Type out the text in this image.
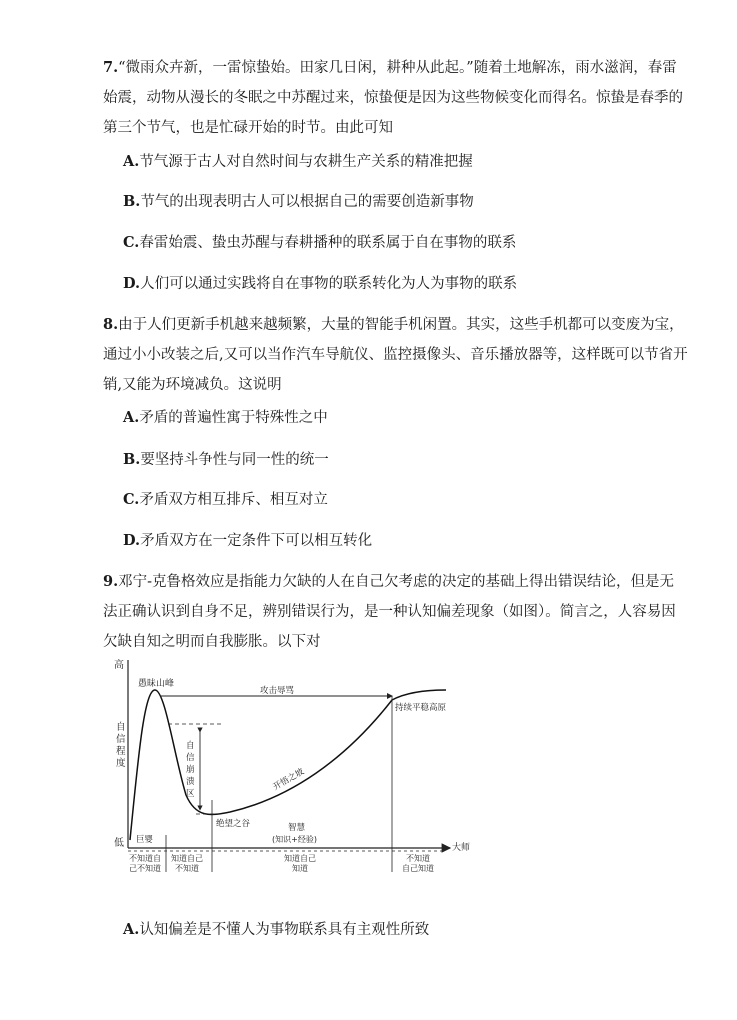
7.“微雨众卉新，一雷惊蛰始。田家几日闲，耕种从此起。”随着土地解冻，雨水滋润，春雷始震，动物从漫长的冬眠之中苏醒过来，惊蛰便是因为这些物候变化而得名。惊蛰是春季的第三个节气，也是忙碌开始的时节。由此可知
A.节气源于古人对自然时间与农耕生产关系的精准把握
B.节气的出现表明古人可以根据自己的需要创造新事物
C.春雷始震、蛰虫苏醒与春耕播种的联系属于自在事物的联系
D.人们可以通过实践将自在事物的联系转化为人为事物的联系
8.由于人们更新手机越来越频繁，大量的智能手机闲置。其实，这些手机都可以变废为宝，通过小小改装之后,又可以当作汽车导航仪、监控摄像头、音乐播放器等，这样既可以节省开销,又能为环境减负。这说明
A.矛盾的普遍性寓于特殊性之中
B.要坚持斗争性与同一性的统一
C.矛盾双方相互排斥、相互对立
D.矛盾双方在一定条件下可以相互转化
9.邓宁-克鲁格效应是指能力欠缺的人在自己欠考虑的决定的基础上得出错误结论，但是无法正确认识到自身不足，辨别错误行为，是一种认知偏差现象（如图）。简言之，人容易因欠缺自知之明而自我膨胀。以下对
高
低
自
信
程
度
大师
愚昧山峰
攻击辱骂
持续平稳高原
自
信
崩
溃
区
开悟之坡
绝望之谷	智慧
(知识+经验)
巨婴
不知道自
己不知道
知道自己
不知道
知道自己
知道
不知道
自己知道
A.认知偏差是不懂人为事物联系具有主观性所致
